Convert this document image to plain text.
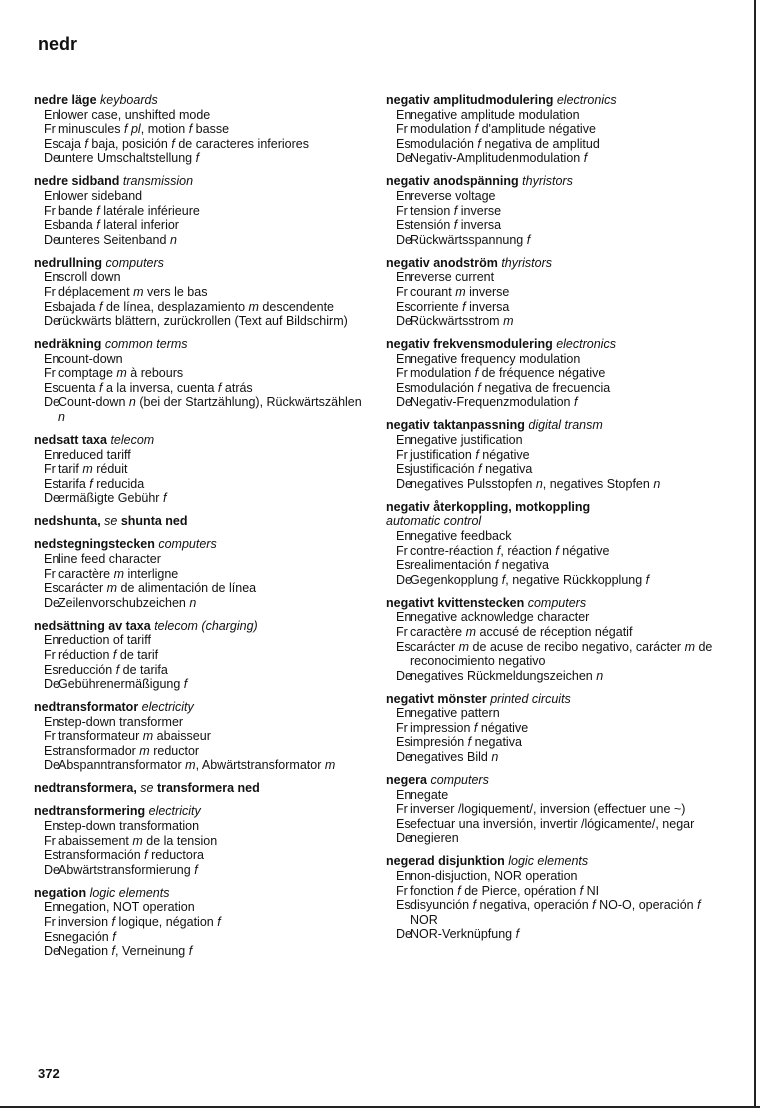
nedr
nedre läge keyboards
En
lower case, unshifted mode
Fr minuscules f pl, motion f basse
Es caja f baja, posición f de caracteres inferiores
De
untere Umschaltstellung f
nedre sidband transmission
En
lower sideband
Fr bande f latérale inférieure
Es banda f lateral inferior
De
unteres Seitenband n
nedrullning computers
En
scroll down
Fr déplacement m vers le bas
Es bajada f de línea, desplazamiento m descendente
De
rückwärts blättern, zurückrollen (Text auf Bildschirm)
nedräkning common terms
En
count-down
Fr comptage m à rebours
Es cuenta f a la inversa, cuenta f atrás
De
Count-down n (bei der Startzählung), Rückwärtszählen n
nedsatt taxa telecom
En
reduced tariff
Fr tarif m réduit
Es tarifa f reducida
De
ermäßigte Gebühr f
nedshunta, se shunta ned
nedstegningstecken computers
En
line feed character
Fr caractère m interligne
Es carácter m de alimentación de línea
De
Zeilenvorschubzeichen n
nedsättning av taxa telecom (charging)
En
reduction of tariff
Fr réduction f de tarif
Es reducción f de tarifa
De
Gebührenermäßigung f
nedtransformator electricity
En
step-down transformer
Fr transformateur m abaisseur
Es transformador m reductor
De
Abspanntransformator m, Abwärtstransformator m
nedtransformera, se transformera ned
nedtransformering electricity
En
step-down transformation
Fr abaissement m de la tension
Es transformación f reductora
De
Abwärtstransformierung f
negation logic elements
En
negation, NOT operation
Fr inversion f logique, négation f
Es negación f
De
Negation f, Verneinung f
negativ amplitudmodulering electronics
En
negative amplitude modulation
Fr modulation f d'amplitude négative
Es modulación f negativa de amplitud
De
Negativ-Amplitudenmodulation f
negativ anodspänning thyristors
En
reverse voltage
Fr tension f inverse
Es tensión f inversa
De
Rückwärtsspannung f
negativ anodström thyristors
En
reverse current
Fr courant m inverse
Es corriente f inversa
De
Rückwärtsstrom m
negativ frekvensmodulering electronics
En
negative frequency modulation
Fr modulation f de fréquence négative
Es modulación f negativa de frecuencia
De
Negativ-Frequenzmodulation f
negativ taktanpassning digital transm
En
negative justification
Fr justification f négative
Es justificación f negativa
De
negatives Pulsstopfen n, negatives Stopfen n
negativ återkoppling, motkoppling
automatic control
En
negative feedback
Fr contre-réaction f, réaction f négative
Es realimentación f negativa
De
Gegenkopplung f, negative Rückkopplung f
negativt kvittenstecken computers
En
negative acknowledge character
Fr caractère m accusé de réception négatif
Es carácter m de acuse de recibo negativo, carácter m de reconocimiento negativo
De
negatives Rückmeldungszeichen n
negativt mönster printed circuits
En
negative pattern
Fr impression f négative
Es impresión f negativa
De
negatives Bild n
negera computers
En
negate
Fr inverser /logiquement/, inversion (effectuer une ~)
Es efectuar una inversión, invertir /lógicamente/, negar
De
negieren
negerad disjunktion logic elements
En
non-disjuction, NOR operation
Fr fonction f de Pierce, opération f NI
Es disyunción f negativa, operación f NO-O, operación f NOR
De
NOR-Verknüpfung f
372
